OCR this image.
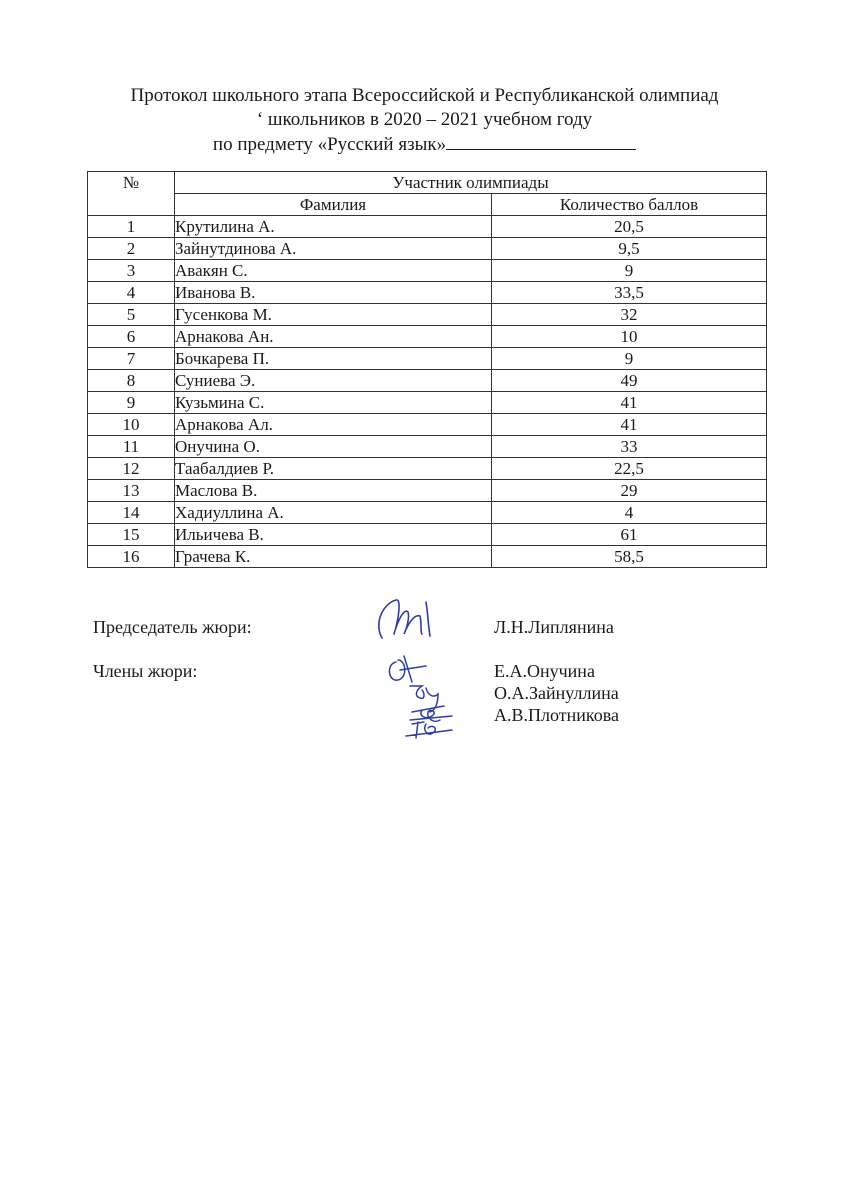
Протокол школьного этапа Всероссийской и Республиканской олимпиад
ʻ школьников в 2020 – 2021 учебном году
по предмету «Русский язык»
№	Участник олимпиады	
	Фамилия	Количество баллов
1	Крутилина А.	20,5
2	Зайнутдинова А.	9,5
3	Авакян С.	9
4	Иванова В.	33,5
5	Гусенкова М.	32
6	Арнакова Ан.	10
7	Бочкарева П.	9
8	Суниева Э.	49
9	Кузьмина С.	41
10	Арнакова Ал.	41
11	Онучина О.	33
12	Таабалдиев Р.	22,5
13	Маслова В.	29
14	Хадиуллина А.	4
15	Ильичева В.	61
16	Грачева К.	58,5
Председатель жюри:	Л.Н.Липлянина
Члены жюри:	Е.А.Онучина
О.А.Зайнуллина
А.В.Плотникова
